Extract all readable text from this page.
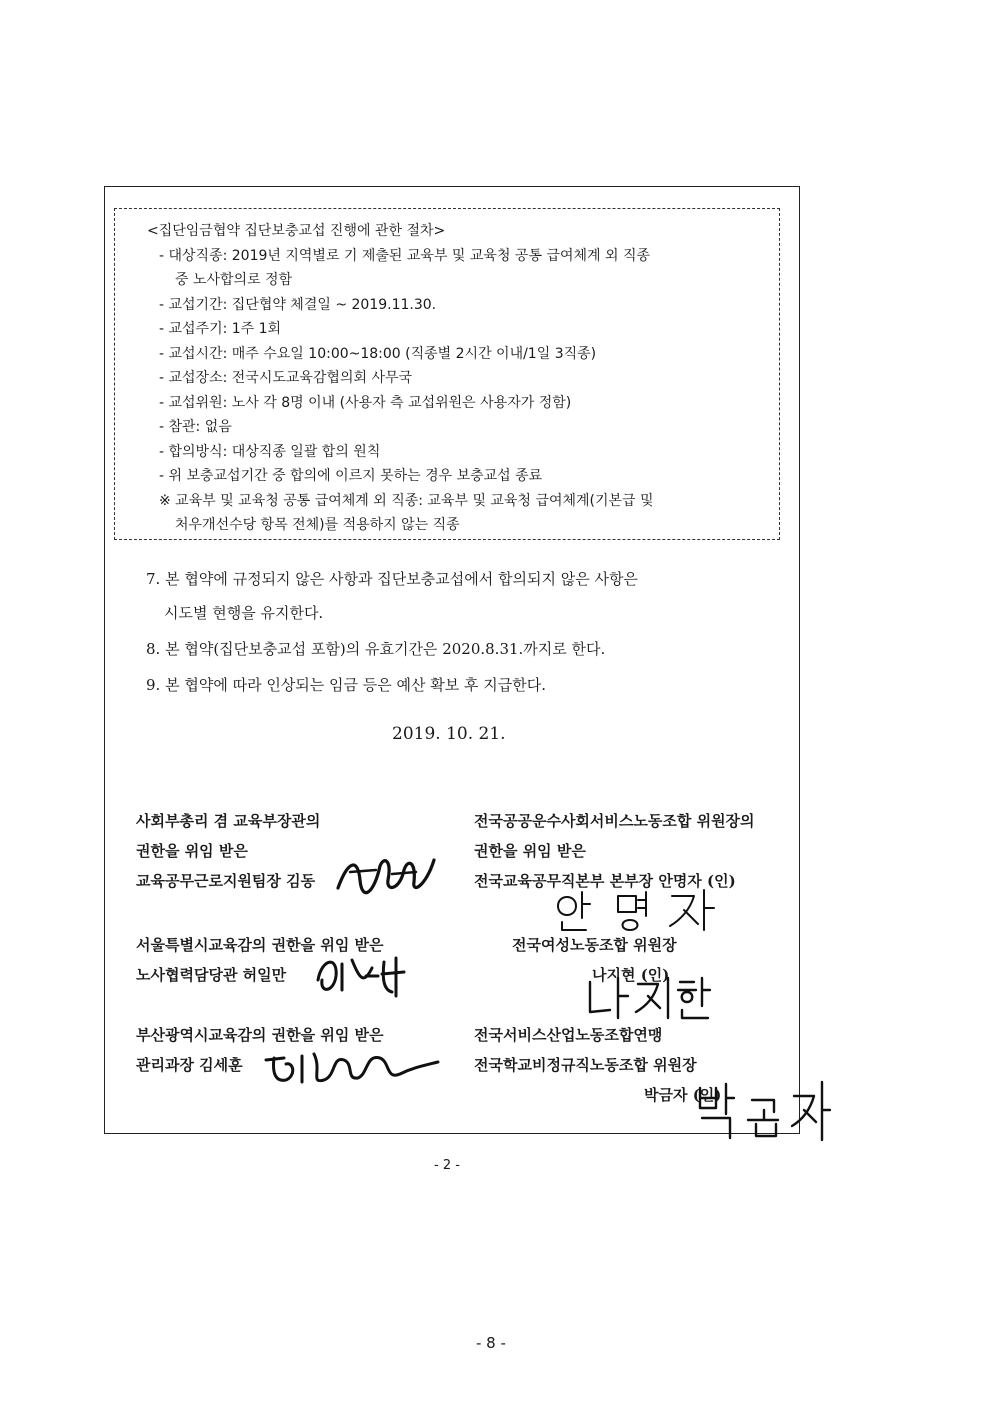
<집단임금협약 집단보충교섭 진행에 관한 절차>
- 대상직종: 2019년 지역별로 기 제출된 교육부 및 교육청 공통 급여체계 외 직종
중 노사합의로 정함
- 교섭기간: 집단협약 체결일 ~ 2019.11.30.
- 교섭주기: 1주 1회
- 교섭시간: 매주 수요일 10:00~18:00 (직종별 2시간 이내/1일 3직종)
- 교섭장소: 전국시도교육감협의회 사무국
- 교섭위원: 노사 각 8명 이내 (사용자 측 교섭위원은 사용자가 정함)
- 참관: 없음
- 합의방식: 대상직종 일괄 합의 원칙
- 위 보충교섭기간 중 합의에 이르지 못하는 경우 보충교섭 종료
※ 교육부 및 교육청 공통 급여체계 외 직종: 교육부 및 교육청 급여체계(기본급 및
처우개선수당 항목 전체)를 적용하지 않는 직종
7. 본 협약에 규정되지 않은 사항과 집단보충교섭에서 합의되지 않은 사항은
시도별 현행을 유지한다.
8. 본 협약(집단보충교섭 포함)의 유효기간은 2020.8.31.까지로 한다.
9. 본 협약에 따라 인상되는 임금 등은 예산 확보 후 지급한다.
2019. 10. 21.
사회부총리 겸 교육부장관의
권한을 위임 받은
교육공무근로지원팀장 김동
서울특별시교육감의 권한을 위임 받은
노사협력담당관 허일만
부산광역시교육감의 권한을 위임 받은
관리과장 김세훈
전국공공운수사회서비스노동조합 위원장의
권한을 위임 받은
전국교육공무직본부 본부장 안명자 (인)
전국여성노동조합 위원장
나지현 (인)
전국서비스산업노동조합연맹
전국학교비정규직노동조합 위원장
박금자 (인)
- 2 -
- 8 -
